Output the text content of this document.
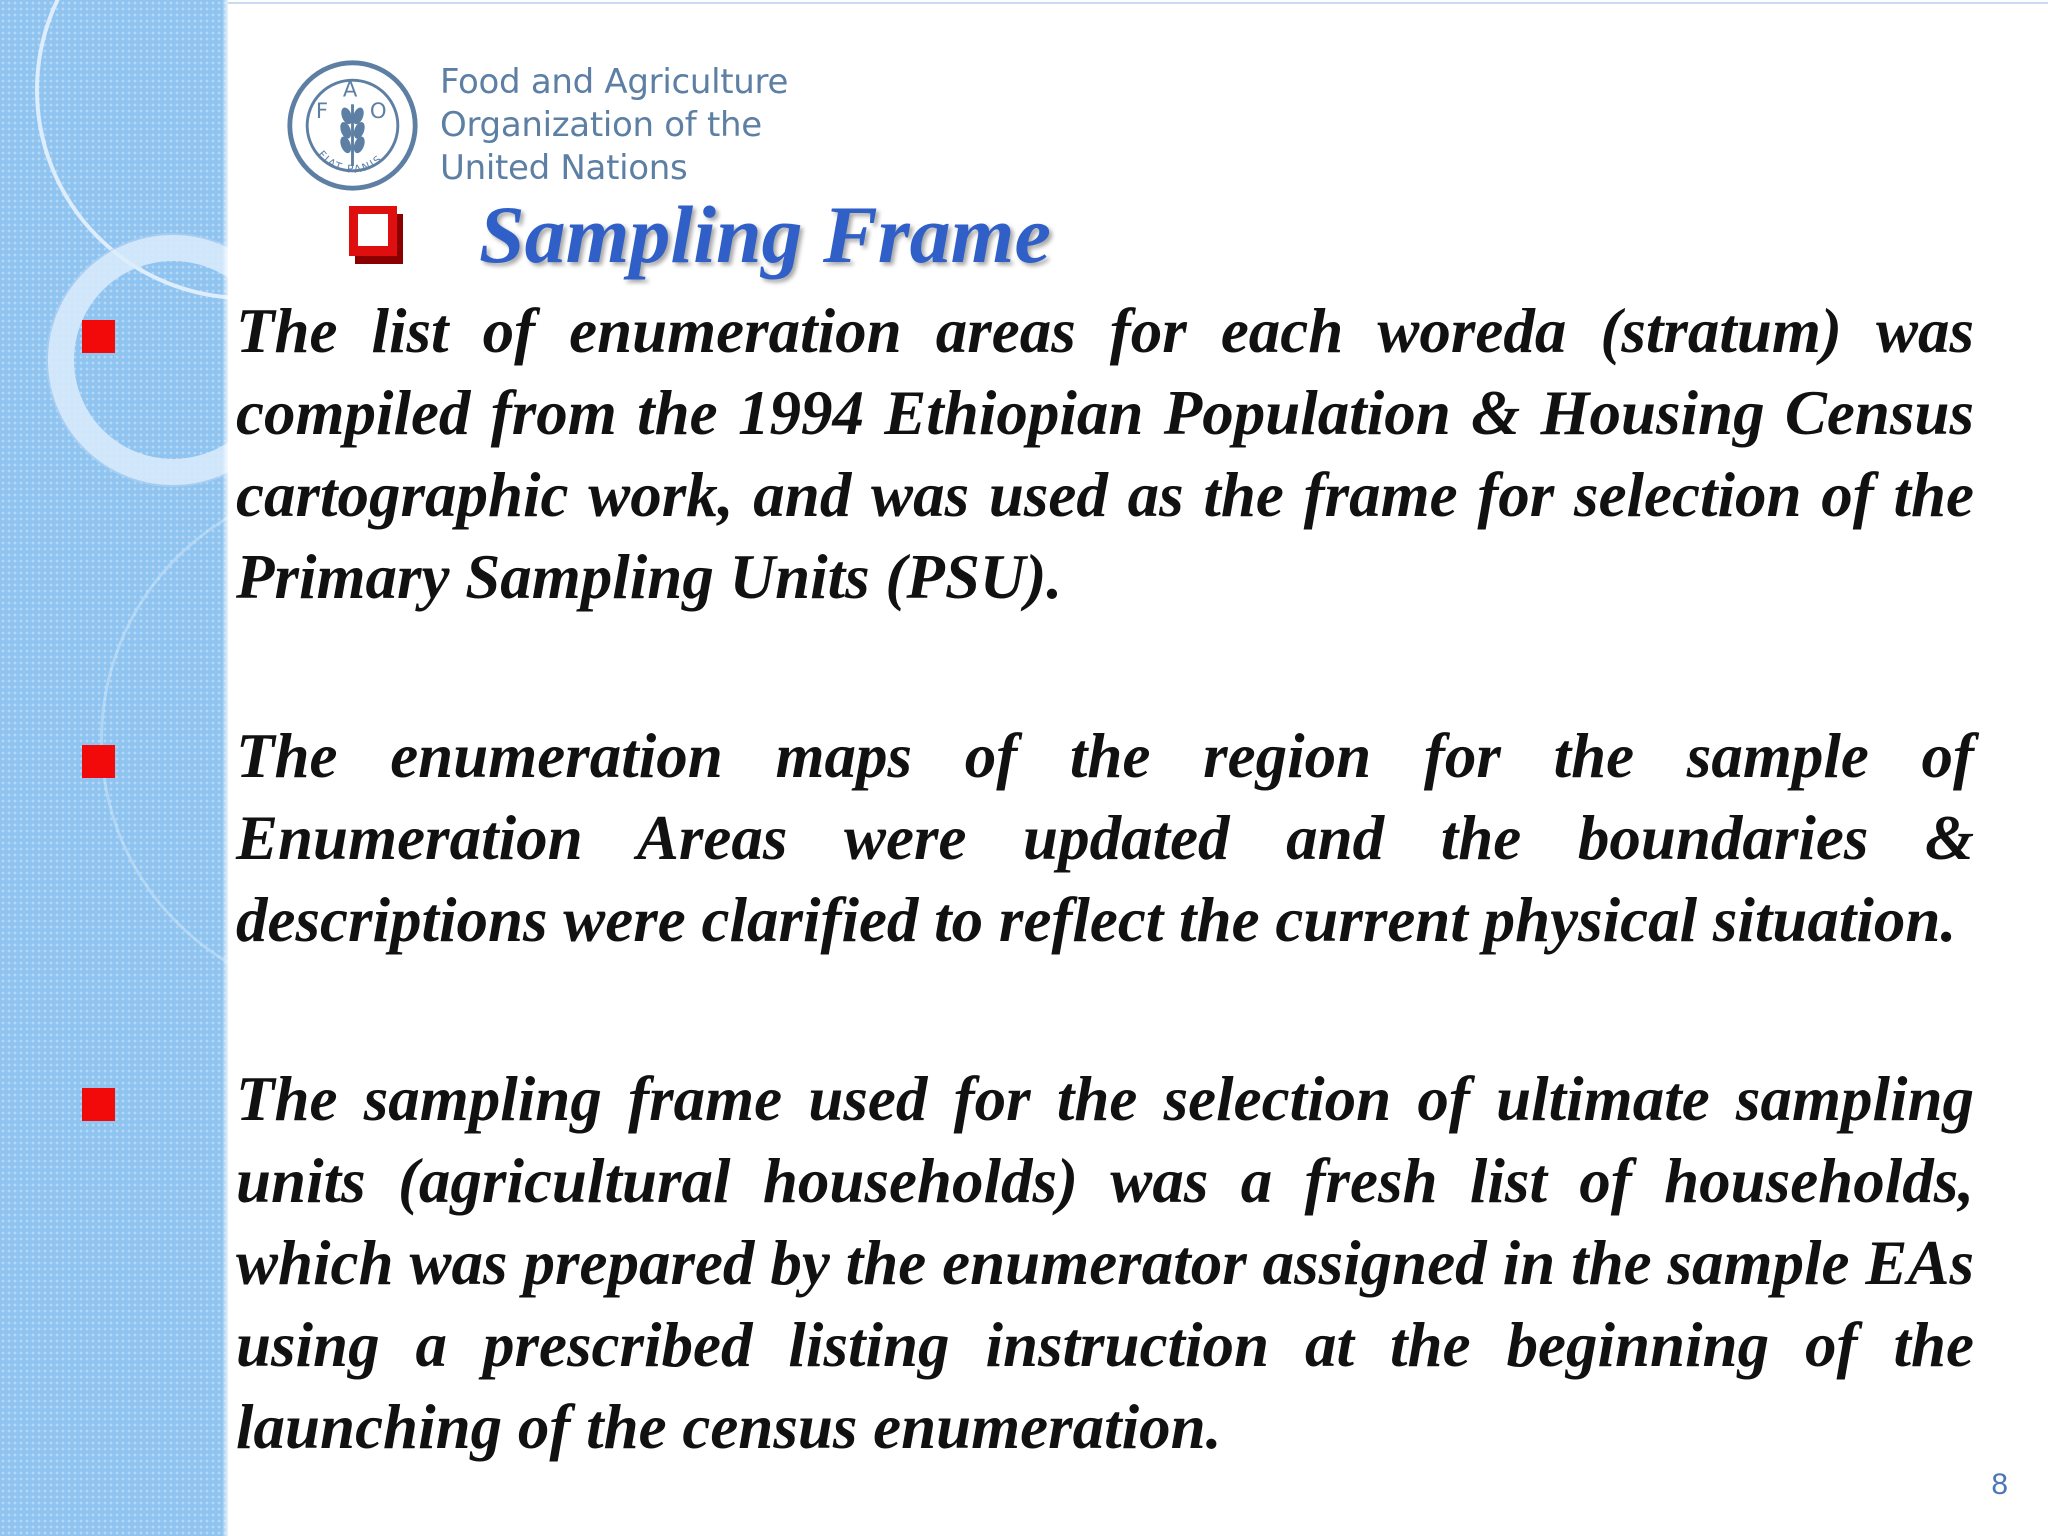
F
A
O
FIAT PANIS
Food and Agriculture
Organization of the
United Nations
Sampling Frame

The list of enumeration areas for each woreda (stratum) was compiled from the 1994 Ethiopian Population & Housing Census cartographic work, and was used as the frame for selection of the Primary Sampling Units (PSU).

The enumeration maps of the region for the sample of Enumeration Areas were updated and the boundaries & descriptions were clarified to reflect the current physical situation.

The sampling frame used for the selection of ultimate sampling units (agricultural households) was a fresh list of households, which was prepared by the enumerator assigned in the sample EAs using a prescribed listing instruction at the beginning of the launching of the census enumeration.

8
